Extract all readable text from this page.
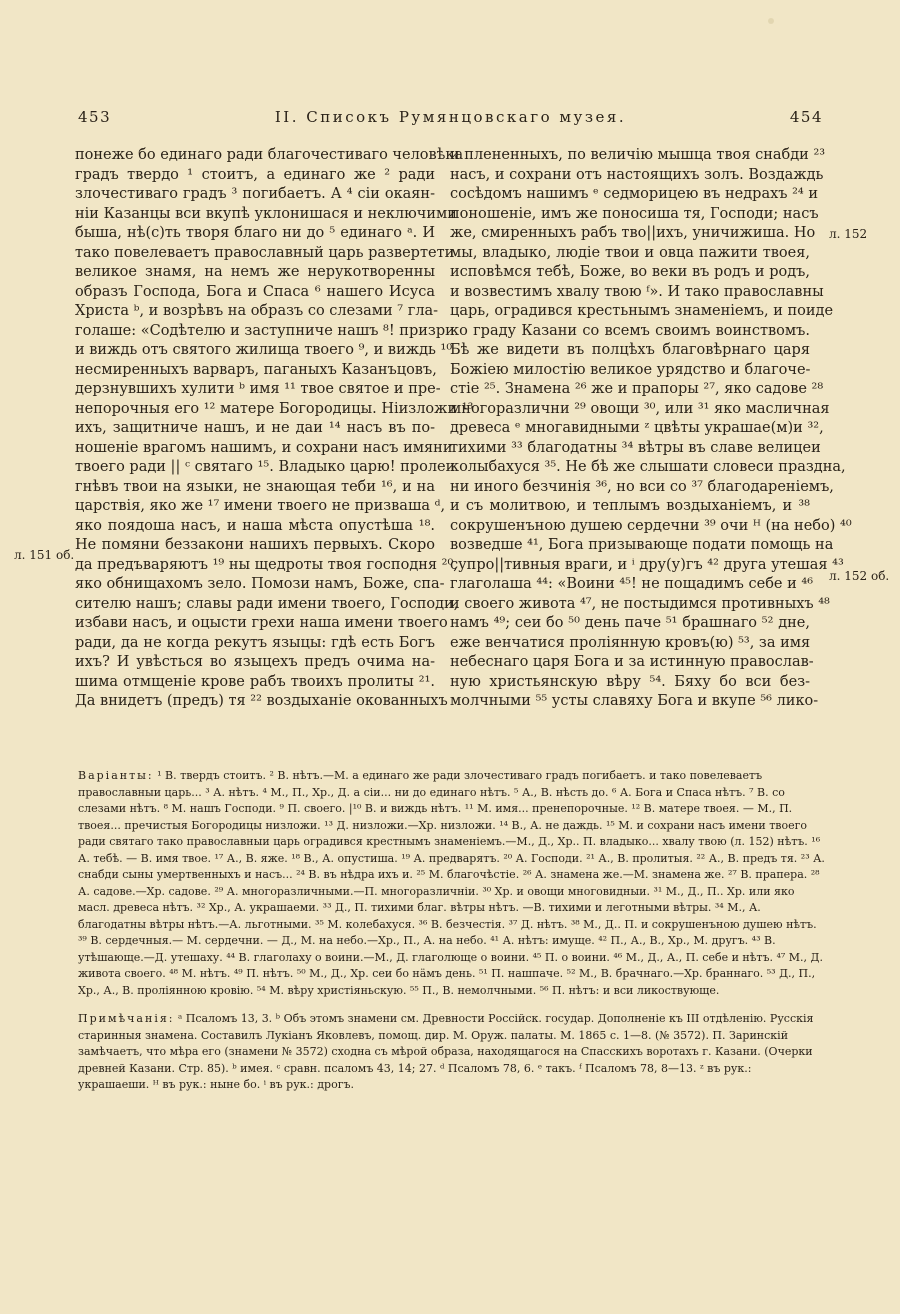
453	II. Списокъ Румянцовскаго музея.	454
л. 151 об.
л. 152
л. 152 об.
понеже бо единагo ради благочестиваго человѣка
градъ твердо ¹ стоитъ, а единаго же ² ради
злочестиваго градъ ³ погибаетъ. А ⁴ сiи окаян-
нiи Казанцы вси вкупѣ уклонишася и неключими
быша, нѣ(с)ть творя благо ни до ⁵ единаго ᵃ. И
тако повелеваетъ православный царь развертети
великое знамя, на немъ же нерукотворенны
образъ Господа, Бога и Спаса ⁶ нашего Исуса
Христа ᵇ, и возрѣвъ на образъ со слезами ⁷ гла-
голаше: «Содѣтелю и заступниче нашъ ⁸! призри
и виждь отъ святого жилища твоего ⁹, и виждь ¹⁰
несмиренныхъ варваръ, паганыхъ Казанъцовъ,
дерзнувшихъ хулити ᵇ имя ¹¹ твое святое и пре-
непорочныя его ¹² матере Богородицы. Нiизложи ¹³
ихъ, защитниче нашъ, и не даи ¹⁴ насъ въ по-
ношенiе врагомъ нашимъ, и сохрани насъ имяни
твоего ради || ᶜ святаго ¹⁵. Владыко царю! пролеи
гнѣвъ твои на языки, не знающая теби ¹⁶, и на
царствiя, яко же ¹⁷ имени твоего не призваша ᵈ,
яко поядоша насъ, и наша мѣста опустѣша ¹⁸.
Не помяни беззакони нашихъ первыхъ. Скоро
да предъваряютъ ¹⁹ ны щедроты твоя господня ²⁰,
яко обнищахомъ зело. Помози намъ, Боже, спа-
сителю нашъ; славы ради имени твоего, Господи,
избави насъ, и оцысти грехи наша имени твоего
ради, да не когда рекутъ языцы: гдѣ есть Богъ
ихъ? И увѣсться во языцехъ предъ очима на-
шима отмщенiе крове рабъ твоихъ пролиты ²¹.
Да внидетъ (предъ) тя ²² воздыханiе окованныхъ
и плененныхъ, по величiю мышца твоя снабди ²³
насъ, и сохрани отъ настоящихъ золъ. Воздаждь
сосѣдомъ нашимъ ᵉ седморицею въ недрахъ ²⁴ и
поношенiе, имъ же поносиша тя, Господи; насъ
же, смиренныхъ рабъ тво||ихъ, уничижиша. Но
мы, владыко, людiе твои и овца пажити твоея,
исповѣмся тебѣ, Боже, во веки въ родъ и родъ,
и возвестимъ хвалу твою ᶠ». И тако православны
царь, оградився крестьнымъ знаменiемъ, и поиде
ко граду Казани со всемъ своимъ воинствомъ.
Бѣ же видети въ полцѣхъ благовѣрнаго царя
Божiею милостiю великое урядство и благоче-
стiе ²⁵. Знамена ²⁶ же и прапоры ²⁷, яко садове ²⁸
многоразлични ²⁹ овощи ³⁰, или ³¹ яко масличная
древеса ᵉ многавидными ᶻ цвѣты украшае(м)и ³²,
тихими ³³ благодатны ³⁴ вѣтры въ славе велицеи
колыбахуся ³⁵. Не бѣ же слышати словеси праздна,
ни иного безчинiя ³⁶, но вси со ³⁷ благодаренiемъ,
и съ молитвою, и теплымъ воздыханiемъ, и ³⁸
сокрушенъною душею сердечни ³⁹ очи ᴴ (на небо) ⁴⁰
возведше ⁴¹, Бога призывающе подати помощь на
супро||тивныя враги, и ⁱ дру(у)гъ ⁴² друга утешая ⁴³
глаголаша ⁴⁴: «Воини ⁴⁵! не пощадимъ себе и ⁴⁶
и своего живота ⁴⁷, не постыдимся противныхъ ⁴⁸
намъ ⁴⁹; сеи бо ⁵⁰ день паче ⁵¹ брашнаго ⁵² дне,
еже венчатися проліянную кровъ(ю) ⁵³, за имя
небеснаго царя Бога и за истинную правослaв-
ную христьянскую вѣру ⁵⁴. Бяху бо вси без-
молчными ⁵⁵ усты славяху Бога и вкупе ⁵⁶ лико-

Варiанты: ¹ В. твердъ стоитъ. ² В. нѣтъ.—М. а единаго же ради злочестиваго градъ погибаетъ. и тако повелеваетъ православныи царь... ³ А. нѣтъ. ⁴ М., П., Хр., Д. а сiи... ни до единаго нѣтъ. ⁵ А., В. нѣсть до. ⁶ А. Бога и Спаса нѣтъ. ⁷ В. со слезами нѣтъ. ⁸ М. нашъ Господи. ⁹ П. своего. |¹⁰ В. и виждь нѣтъ. ¹¹ М. имя... пренепорочные. ¹² В. матере твоея. — М., П. твоея... пречистыя Богородицы низложи. ¹³ Д. низложи.—Хр. низложи. ¹⁴ В., А. не даждь. ¹⁵ М. и сохрани насъ имени твоего ради святаго тако православныи царь оградився крестнымъ знаменiемъ.—М., Д., Хр.. П. владыко... хвалу твою (л. 152) нѣтъ. ¹⁶ А. тебѣ. — В. имя твое. ¹⁷ А., В. яже. ¹⁸ В., А. опустиша. ¹⁹ А. предварятъ. ²⁰ А. Господи. ²¹ А., В. пролитыя. ²² А., В. предъ тя. ²³ А. снабди сыны умертвенныхъ и насъ... ²⁴ В. въ нѣдра ихъ и. ²⁵ М. благочѣстiе. ²⁶ А. знамена же.—М. знамена же. ²⁷ В. прапера. ²⁸ А. садове.—Хр. садове. ²⁹ А. многоразличными.—П. многоразличнiи. ³⁰ Хр. и овощи многовидныи. ³¹ М., Д., П.. Хр. или яко масл. древеса нѣтъ. ³² Хр., А. украшаеми. ³³ Д., П. тихими благ. вѣтры нѣтъ. —В. тихими и леготными вѣтры. ³⁴ М., А. благодатны вѣтры нѣтъ.—А. льготными. ³⁵ М. колебахуся. ³⁶ В. безчестiя. ³⁷ Д. нѣтъ. ³⁸ М., Д.. П. и сокрушенъною душею нѣтъ. ³⁹ В. сердечныя.— М. сердечни. — Д., М. на небо.—Хр., П., А. на небо. ⁴¹ А. нѣтъ: имуще. ⁴² П., А., В., Хр., М. другъ. ⁴³ В. утѣшающе.—Д. утешаху. ⁴⁴ В. глаголаху о воини.—М., Д. глаголюще о воини. ⁴⁵ П. о воини. ⁴⁶ М., Д., А., П. себе и нѣтъ. ⁴⁷ М., Д. живота своего. ⁴⁸ М. нѣтъ. ⁴⁹ П. нѣтъ. ⁵⁰ М., Д., Хр. сеи бо нäмъ день. ⁵¹ П. нашпаче. ⁵² М., В. брачнаго.—Хр. браннаго. ⁵³ Д., П., Хр., А., В. пролiянною кровiю. ⁵⁴ М. вѣру христiяньскую. ⁵⁵ П., В. немолчными. ⁵⁶ П. нѣтъ: и вси ликоствующе.

Примѣчанiя: ᵃ Псаломъ 13, 3. ᵇ Объ этомъ знамени см. Древности Россiйск. государ. Дополненiе къ III отдѣленiю. Русскiя старинныя знамена. Составилъ Лукiанъ Яковлевъ, помощ. дир. М. Оруж. палаты. М. 1865 с. 1—8. (№ 3572). П. Заринскiй замѣчаетъ, что мѣра его (знамени № 3572) сходна съ мѣрой образа, находящагося на Спасскихъ воротахъ г. Казани. (Очерки древней Казани. Стр. 85). ᵇ имея. ᶜ сравн. псаломъ 43, 14; 27. ᵈ Псаломъ 78, 6. ᵉ такъ. ᶠ Псаломъ 78, 8—13. ᶻ въ рук.: украшаеши. ᴴ въ рук.: ныне бо. ⁱ въ рук.: дрогъ.
